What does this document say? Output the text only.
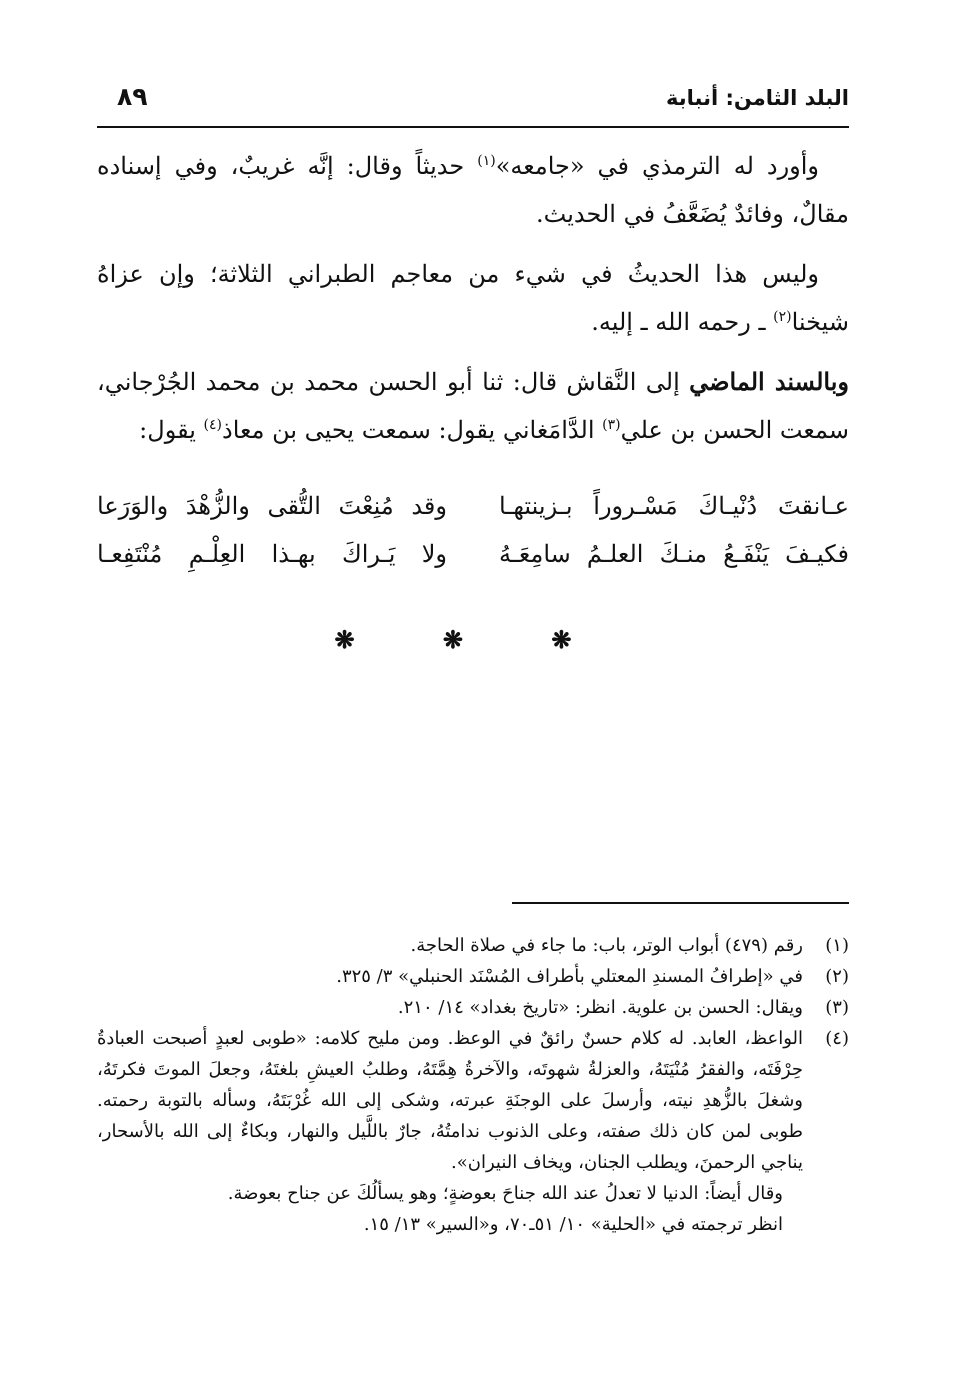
البلد الثامن: أنبابة
٨٩

وأورد له الترمذي في «جامعه»$^{(١)}$ حديثاً وقال: إنَّه غريبٌ، وفي إسناده مقالٌ، وفائدٌ يُضَعَّفُ في الحديث.

وليس هذا الحديثُ في شيء من معاجم الطبراني الثلاثة؛ وإن عزاهُ شيخنا$^{(٢)}$ ـ رحمه الله ـ إليه.

وبالسند الماضي إلى النَّقاش قال: ثنا أبو الحسن محمد بن محمد الجُرْجاني، سمعت الحسن بن علي$^{(٣)}$ الدَّامَغاني يقول: سمعت يحيى بن معاذ$^{(٤)}$ يقول:

عـانقتَ دُنْيـاكَ مَسْـروراً بـزينتهـا
وقد مُنِعْتَ التُّقى والزُّهْدَ والوَرَعا
فكيـفَ يَنْفَـعُ منـكَ العلـمُ سامِعَـهُ
ولا يَـراكَ بهـذا العِلْـمِ مُنْتَفِعـا
❋ ❋ ❋
(١)

رقم (٤٧٩) أبواب الوتر، باب: ما جاء في صلاة الحاجة.

(٢)

في «إطرافُ المسندِ المعتلي بأطراف المُسْنَد الحنبلي» ٣/ ٣٢٥.

(٣)

ويقال: الحسن بن علوية. انظر: «تاريخ بغداد» ١٤/ ٢١٠.

(٤)

الواعظ، العابد. له كلام حسنٌ رائقٌ في الوعظ. ومن مليح كلامه: «طوبى لعبدٍ أصبحت العبادةُ حِرْفَتَه، والفقرُ مُنْيَتَهُ، والعزلةُ شهوتَه، والآخرةُ هِمَّتَهُ، وطلبُ العيشِ بلغتَهُ، وجعلَ الموتَ فكرتَهُ، وشغلَ بالزُّهدِ نيته، وأرسلَ على الوجنَةِ عبرته، وشكى إلى الله غُرْبَتَهُ، وسأله بالتوبة رحمته. طوبى لمن كان ذلك صفته، وعلى الذنوب ندامتُهُ، جارٌ باللَّيل والنهار، وبكاءٌ إلى الله بالأسحار، يناجي الرحمنَ، ويطلب الجنان، ويخاف النيران».

وقال أيضاً: الدنيا لا تعدلُ عند الله جناحَ بعوضةٍ؛ وهو يسألُكَ عن جناح بعوضة.

انظر ترجمته في «الحلية» ١٠/ ٥١ـ٧٠، و«السير» ١٣/ ١٥.
